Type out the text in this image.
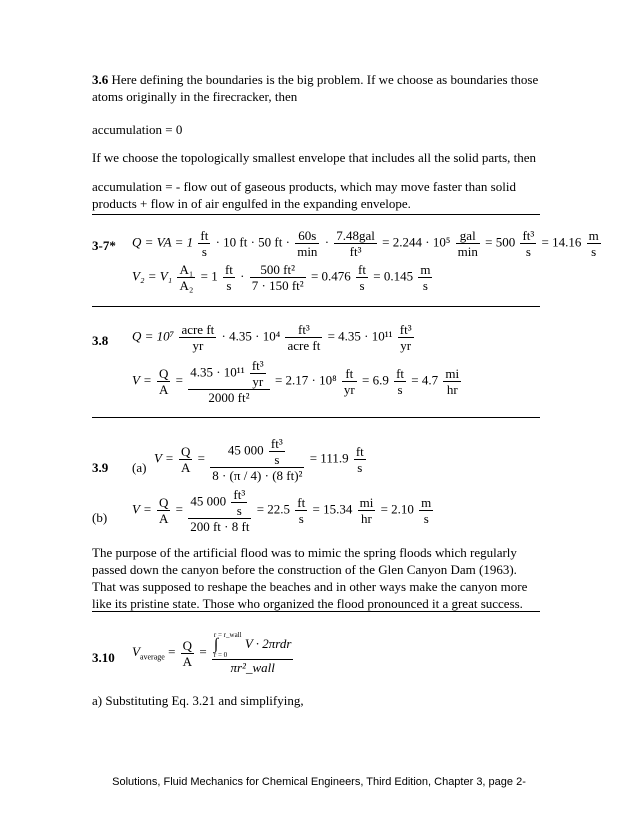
3.6 Here defining the boundaries is the big problem. If we choose as boundaries those atoms originally in the firecracker, then
accumulation = 0
If we choose the topologically smallest envelope that includes all the solid parts, then
accumulation = - flow out of gaseous products, which may move faster than solid products + flow in of air engulfed in the expanding envelope.
3-7* Q = VA = $1 \frac{ft}{s} \cdot 10$ ft · 50 ft · $\frac{60s}{\min} \cdot \frac{\text{7.48gal}}{\text{ft³}} = 2.244 \cdot 10^5 \frac{\text{gal}}{\min} = 500 \frac{\text{ft³}}{s} = 14.16 \frac{m}{s}$
$V_2 = V_1 \frac{\text{A₁}}{\text{A₂}} = 1 \frac{ft}{s} \cdot \frac{\text{500 ft²}}{\text{7 · 150 ft²}} = 0.476 \frac{ft}{s} = 0.145 \frac{m}{s}$
3.8 $Q = 10^7 \frac{\text{acre ft}}{yr} \cdot 4.35 \cdot 10^4 \frac{\text{ft³}}{\text{acre ft}} = 4.35 \cdot 10^{11} \frac{\text{ft³}}{yr}$
$V = \frac{Q}{A} = \frac{4.35 \cdot 10^{11} \frac{\text{ft³}}{yr}}{\text{2000 ft²}} = 2.17 \cdot 10^8 \frac{ft}{yr} = 6.9 \frac{ft}{s} = 4.7 \frac{mi}{hr}$
3.9 (a)
$V = \frac{Q}{A} = \frac{45 000 \frac{\text{ft³}}{s}}{\text{8 · (π / 4) · (8 ft)²}} = 111.9 \frac{ft}{s}$
(b)
$V = \frac{Q}{A} = \frac{45 000 \frac{\text{ft³}}{s}}{200 ft \cdot 8 ft} = 22.5 \frac{ft}{s} = 15.34 \frac{mi}{hr} = 2.10 \frac{m}{s}$
The purpose of the artificial flood was to mimic the spring floods which regularly passed down the canyon before the construction of the Glen Canyon Dam (1963). That was supposed to reshape the beaches and in other ways make the canyon more like its pristine state. Those who organized the flood pronounced it a great success.
3.10 $V_{average} = \frac{Q}{A} = r$ = r_wall
∫
r = 0
V · 2πrdr
πr²_wall
a) Substituting Eq. 3.21 and simplifying,
Solutions, Fluid Mechanics for Chemical Engineers, Third Edition, Chapter 3, page 2-
